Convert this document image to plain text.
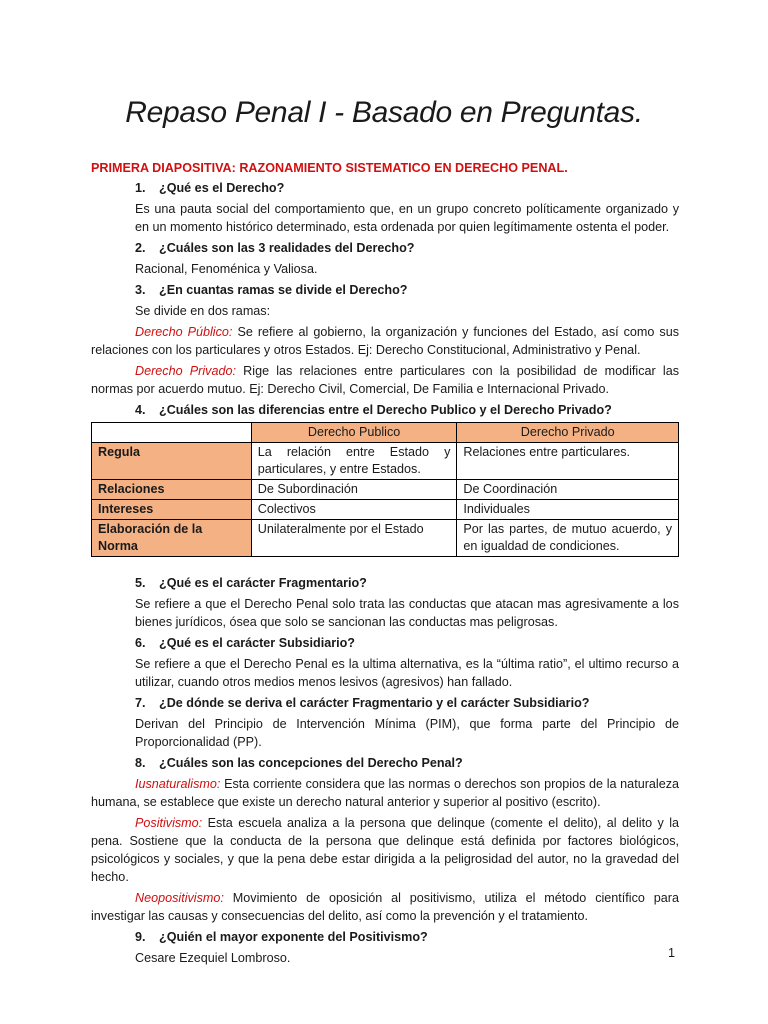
Repaso Penal I - Basado en Preguntas.

PRIMERA DIAPOSITIVA: RAZONAMIENTO SISTEMATICO EN DERECHO PENAL.

1.	¿Qué es el Derecho?

Es una pauta social del comportamiento que, en un grupo concreto políticamente organizado y en un momento histórico determinado, esta ordenada por quien legítimamente ostenta el poder.

2.	¿Cuáles son las 3 realidades del Derecho?

Racional, Fenoménica y Valiosa.

3.	¿En cuantas ramas se divide el Derecho?

Se divide en dos ramas:

Derecho Público: Se refiere al gobierno, la organización y funciones del Estado, así como sus relaciones con los particulares y otros Estados. Ej: Derecho Constitucional, Administrativo y Penal.

Derecho Privado: Rige las relaciones entre particulares con la posibilidad de modificar las normas por acuerdo mutuo. Ej: Derecho Civil, Comercial, De Familia e Internacional Privado.

4.	¿Cuáles son las diferencias entre el Derecho Publico y el Derecho Privado?

	Derecho Publico	Derecho Privado
Regula	La relación entre Estado y particulares, y entre Estados.	Relaciones entre particulares.
Relaciones	De Subordinación	De Coordinación
Intereses	Colectivos	Individuales
Elaboración de la Norma	Unilateralmente por el Estado	Por las partes, de mutuo acuerdo, y en igualdad de condiciones.

5.	¿Qué es el carácter Fragmentario?

Se refiere a que el Derecho Penal solo trata las conductas que atacan mas agresivamente a los bienes jurídicos, ósea que solo se sancionan las conductas mas peligrosas.

6.	¿Qué es el carácter Subsidiario?

Se refiere a que el Derecho Penal es la ultima alternativa, es la “última ratio”, el ultimo recurso a utilizar, cuando otros medios menos lesivos (agresivos) han fallado.

7.	¿De dónde se deriva el carácter Fragmentario y el carácter Subsidiario?

Derivan del Principio de Intervención Mínima (PIM), que forma parte del Principio de Proporcionalidad (PP).

8.	¿Cuáles son las concepciones del Derecho Penal?

Iusnaturalismo: Esta corriente considera que las normas o derechos son propios de la naturaleza humana, se establece que existe un derecho natural anterior y superior al positivo (escrito).

Positivismo: Esta escuela analiza a la persona que delinque (comente el delito), al delito y la pena. Sostiene que la conducta de la persona que delinque está definida por factores biológicos, psicológicos y sociales, y que la pena debe estar dirigida a la peligrosidad del autor, no la gravedad del hecho.

Neopositivismo: Movimiento de oposición al positivismo, utiliza el método científico para investigar las causas y consecuencias del delito, así como la prevención y el tratamiento.

9.	¿Quién el mayor exponente del Positivismo?

Cesare Ezequiel Lombroso.	1
